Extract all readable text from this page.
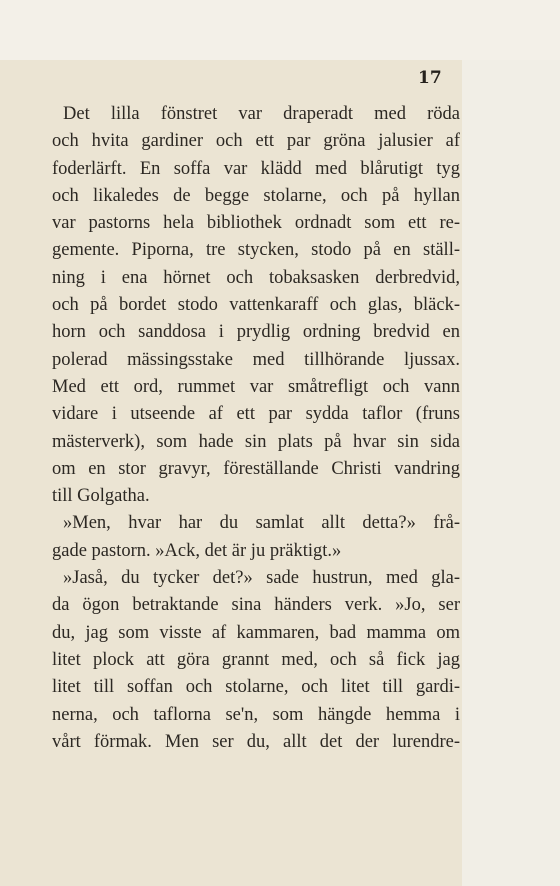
17
Det lilla fönstret var draperadt med röda
och hvita gardiner och ett par gröna jalusier af
foderlärft. En soffa var klädd med blårutigt tyg
och likaledes de begge stolarne, och på hyllan
var pastorns hela bibliothek ordnadt som ett re-
gemente. Piporna, tre stycken, stodo på en ställ-
ning i ena hörnet och tobaksasken derbredvid,
och på bordet stodo vattenkaraff och glas, bläck-
horn och sanddosa i prydlig ordning bredvid en
polerad mässingsstake med tillhörande ljussax.
Med ett ord, rummet var småtrefligt och vann
vidare i utseende af ett par sydda taflor (fruns
mästerverk), som hade sin plats på hvar sin sida
om en stor gravyr, föreställande Christi vandring
till Golgatha.
»Men, hvar har du samlat allt detta?» frå-
gade pastorn. »Ack, det är ju präktigt.»
»Jaså, du tycker det?» sade hustrun, med gla-
da ögon betraktande sina händers verk. »Jo, ser
du, jag som visste af kammaren, bad mamma om
litet plock att göra grannt med, och så fick jag
litet till soffan och stolarne, och litet till gardi-
nerna, och taflorna se'n, som hängde hemma i
vårt förmak. Men ser du, allt det der lurendre-
